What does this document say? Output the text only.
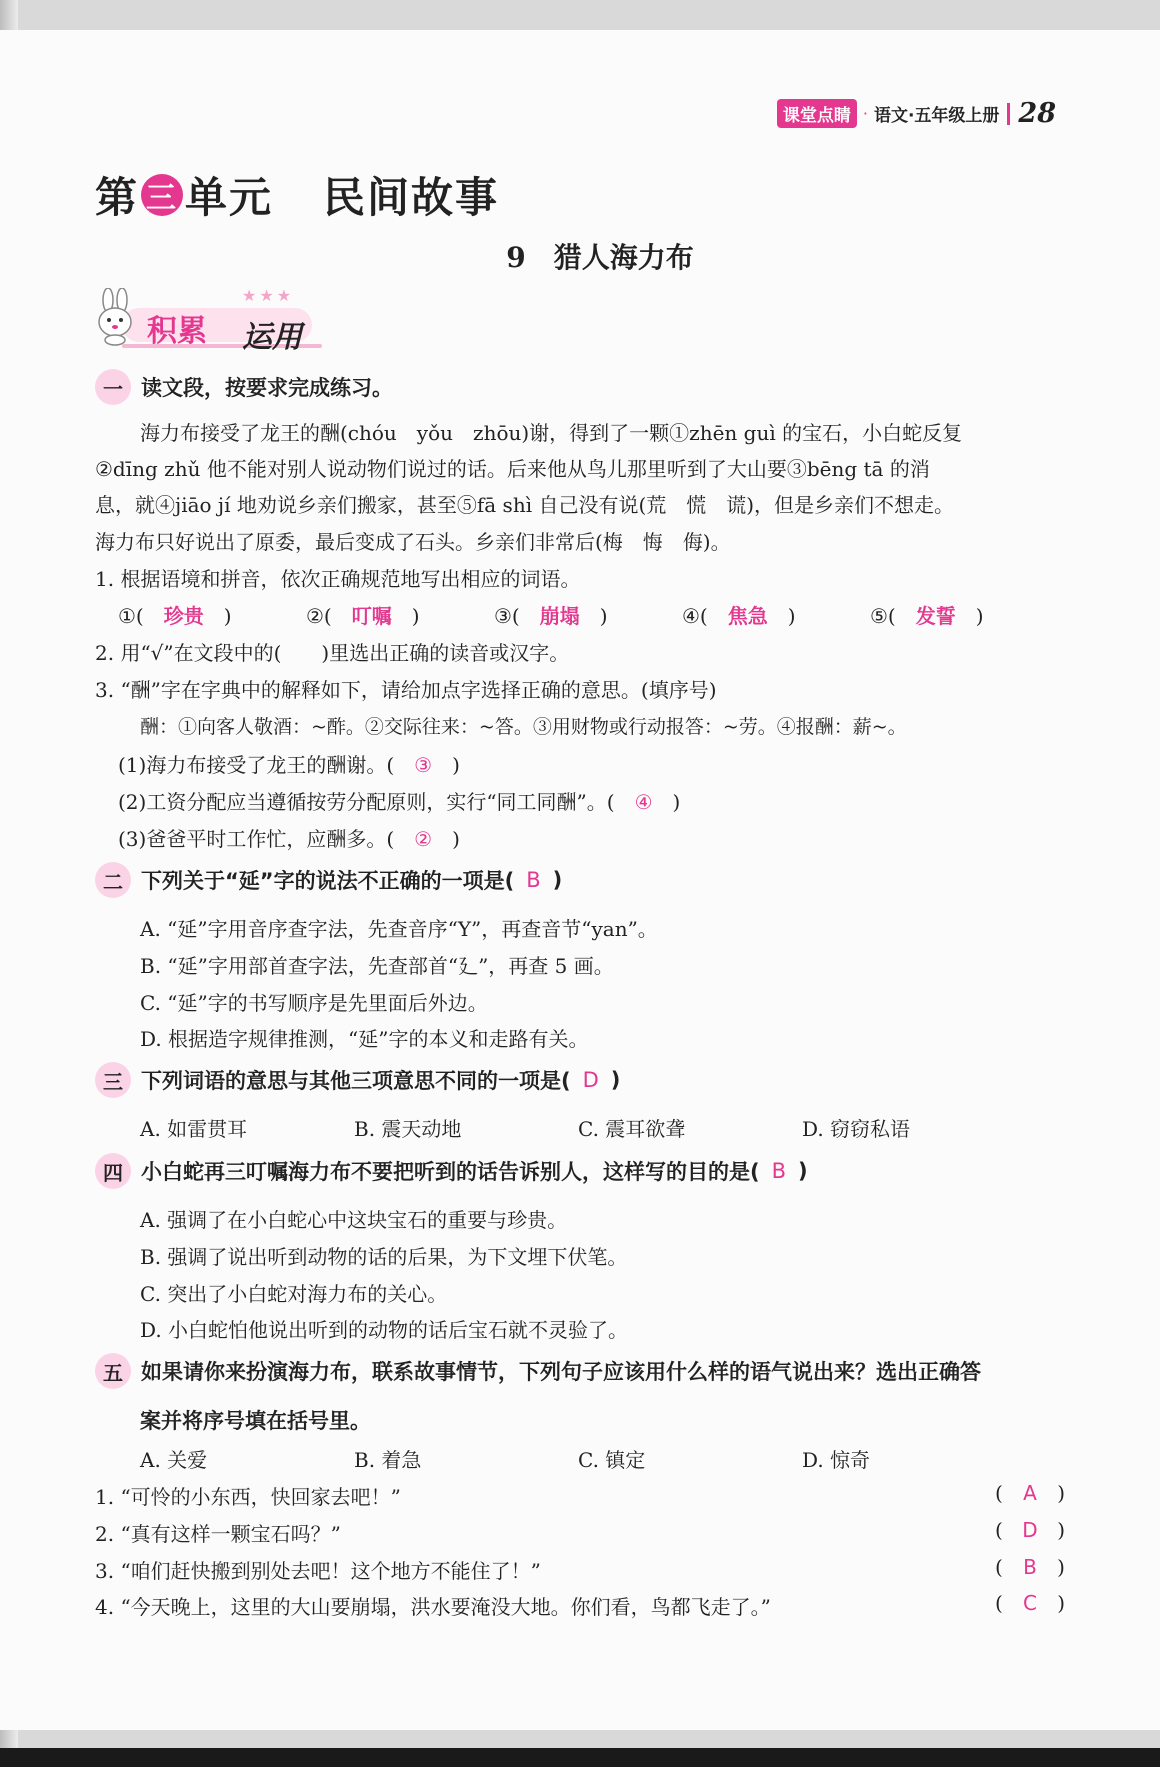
课堂点睛 · 语文·五年级上册 28
第 三 单元 民间故事
9 猎人海力布
★★★
积累 运用
一 读文段，按要求完成练习。
海力布接受了龙王的酬(chóu　yǒu　zhōu)谢，得到了一颗①zhēn guì 的宝石，小白蛇反复
②dīng zhǔ 他不能对别人说动物们说过的话。后来他从鸟儿那里听到了大山要③bēng tā 的消
息，就④jiāo jí 地劝说乡亲们搬家，甚至⑤fā shì 自己没有说(荒　慌　谎)，但是乡亲们不想走。
海力布只好说出了原委，最后变成了石头。乡亲们非常后(梅　悔　侮)。
1. 根据语境和拼音，依次正确规范地写出相应的词语。
①(　 珍贵　 )	②(　 叮嘱　 )	③(　 崩塌　 )	④(　 焦急　 )	⑤(　 发誓　 )
2. 用“√”在文段中的(　　)里选出正确的读音或汉字。
3. “酬”字在字典中的解释如下，请给加点字选择正确的意思。(填序号)
酬：①向客人敬酒：~酢。②交际往来：~答。③用财物或行动报答：~劳。④报酬：薪~。
(1)海力布接受了龙王的酬谢。(　 ③　 )
(2)工资分配应当遵循按劳分配原则，实行“同工同酬”。(　 ④　 )
(3)爸爸平时工作忙，应酬多。(　 ②　 )
二 下列关于“延”字的说法不正确的一项是( B )
A. “延”字用音序查字法，先查音序“Y”，再查音节“yan”。
B. “延”字用部首查字法，先查部首“廴”，再查 5 画。
C. “延”字的书写顺序是先里面后外边。
D. 根据造字规律推测，“延”字的本义和走路有关。
三 下列词语的意思与其他三项意思不同的一项是( D )
A. 如雷贯耳	B. 震天动地	C. 震耳欲聋	D. 窃窃私语
四 小白蛇再三叮嘱海力布不要把听到的话告诉别人，这样写的目的是( B )
A. 强调了在小白蛇心中这块宝石的重要与珍贵。
B. 强调了说出听到动物的话的后果，为下文埋下伏笔。
C. 突出了小白蛇对海力布的关心。
D. 小白蛇怕他说出听到的动物的话后宝石就不灵验了。
五 如果请你来扮演海力布，联系故事情节，下列句子应该用什么样的语气说出来？选出正确答
案并将序号填在括号里。
A. 关爱	B. 着急	C. 镇定	D. 惊奇
1. “可怜的小东西，快回家去吧！”	( A )
2. “真有这样一颗宝石吗？”	( D )
3. “咱们赶快搬到别处去吧！这个地方不能住了！”	( B )
4. “今天晚上，这里的大山要崩塌，洪水要淹没大地。你们看，鸟都飞走了。”	( C )
